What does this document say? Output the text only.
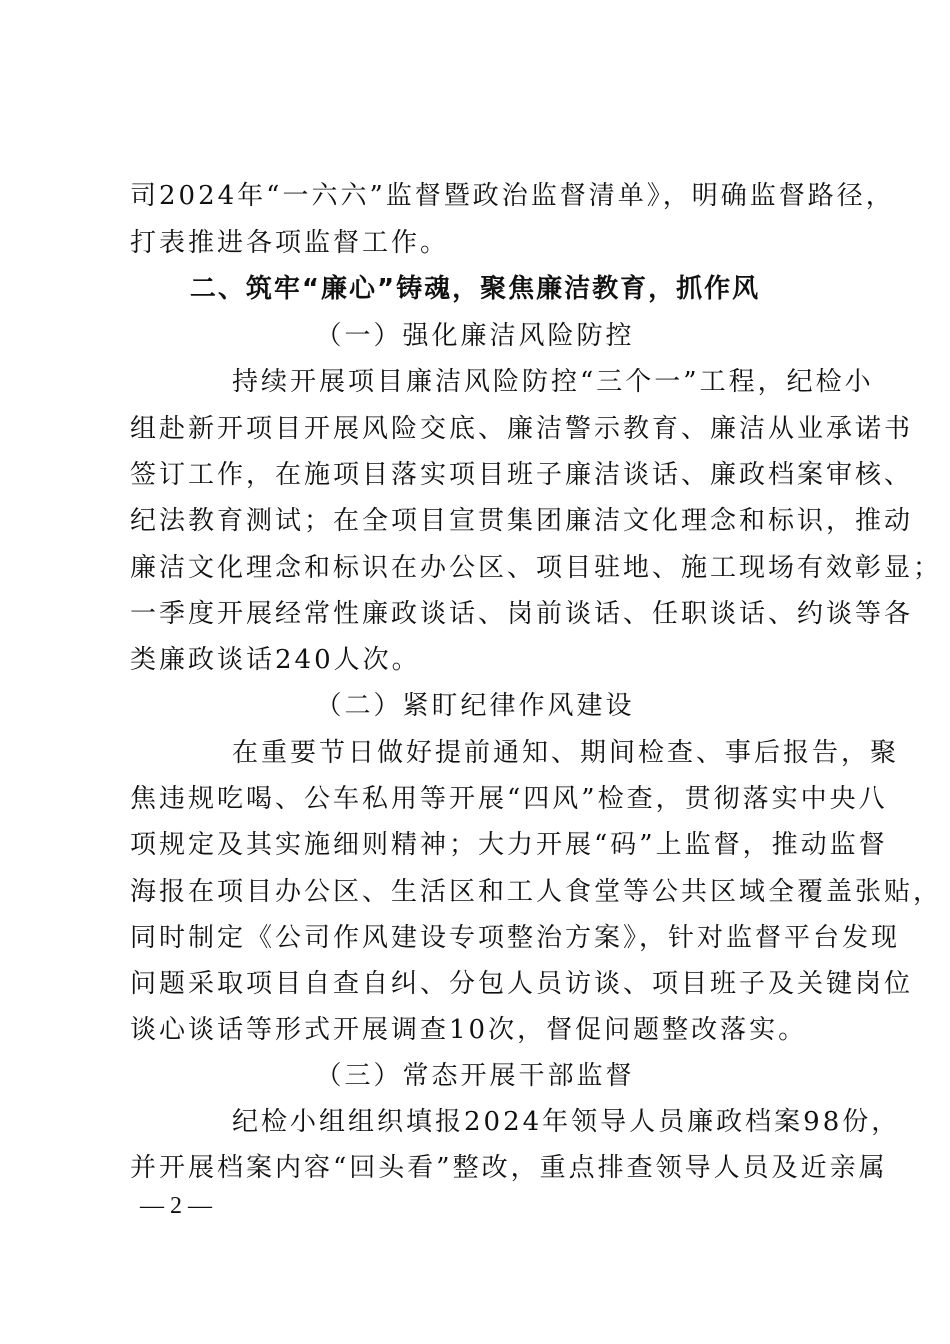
司2024年“一六六”监督暨政治监督清单》，明确监督路径，
打表推进各项监督工作。
二、筑牢“廉心”铸魂，聚焦廉洁教育，抓作风
（一）强化廉洁风险防控
持续开展项目廉洁风险防控“三个一”工程，纪检小
组赴新开项目开展风险交底、廉洁警示教育、廉洁从业承诺书
签订工作，在施项目落实项目班子廉洁谈话、廉政档案审核、
纪法教育测试；在全项目宣贯集团廉洁文化理念和标识，推动
廉洁文化理念和标识在办公区、项目驻地、施工现场有效彰显；
一季度开展经常性廉政谈话、岗前谈话、任职谈话、约谈等各
类廉政谈话240人次。
（二）紧盯纪律作风建设
在重要节日做好提前通知、期间检查、事后报告，聚
焦违规吃喝、公车私用等开展“四风”检查，贯彻落实中央八
项规定及其实施细则精神；大力开展“码”上监督，推动监督
海报在项目办公区、生活区和工人食堂等公共区域全覆盖张贴，
同时制定《公司作风建设专项整治方案》，针对监督平台发现
问题采取项目自查自纠、分包人员访谈、项目班子及关键岗位
谈心谈话等形式开展调查10次，督促问题整改落实。
（三）常态开展干部监督
纪检小组组织填报2024年领导人员廉政档案98份，
并开展档案内容“回头看”整改，重点排查领导人员及近亲属
— 2 —
